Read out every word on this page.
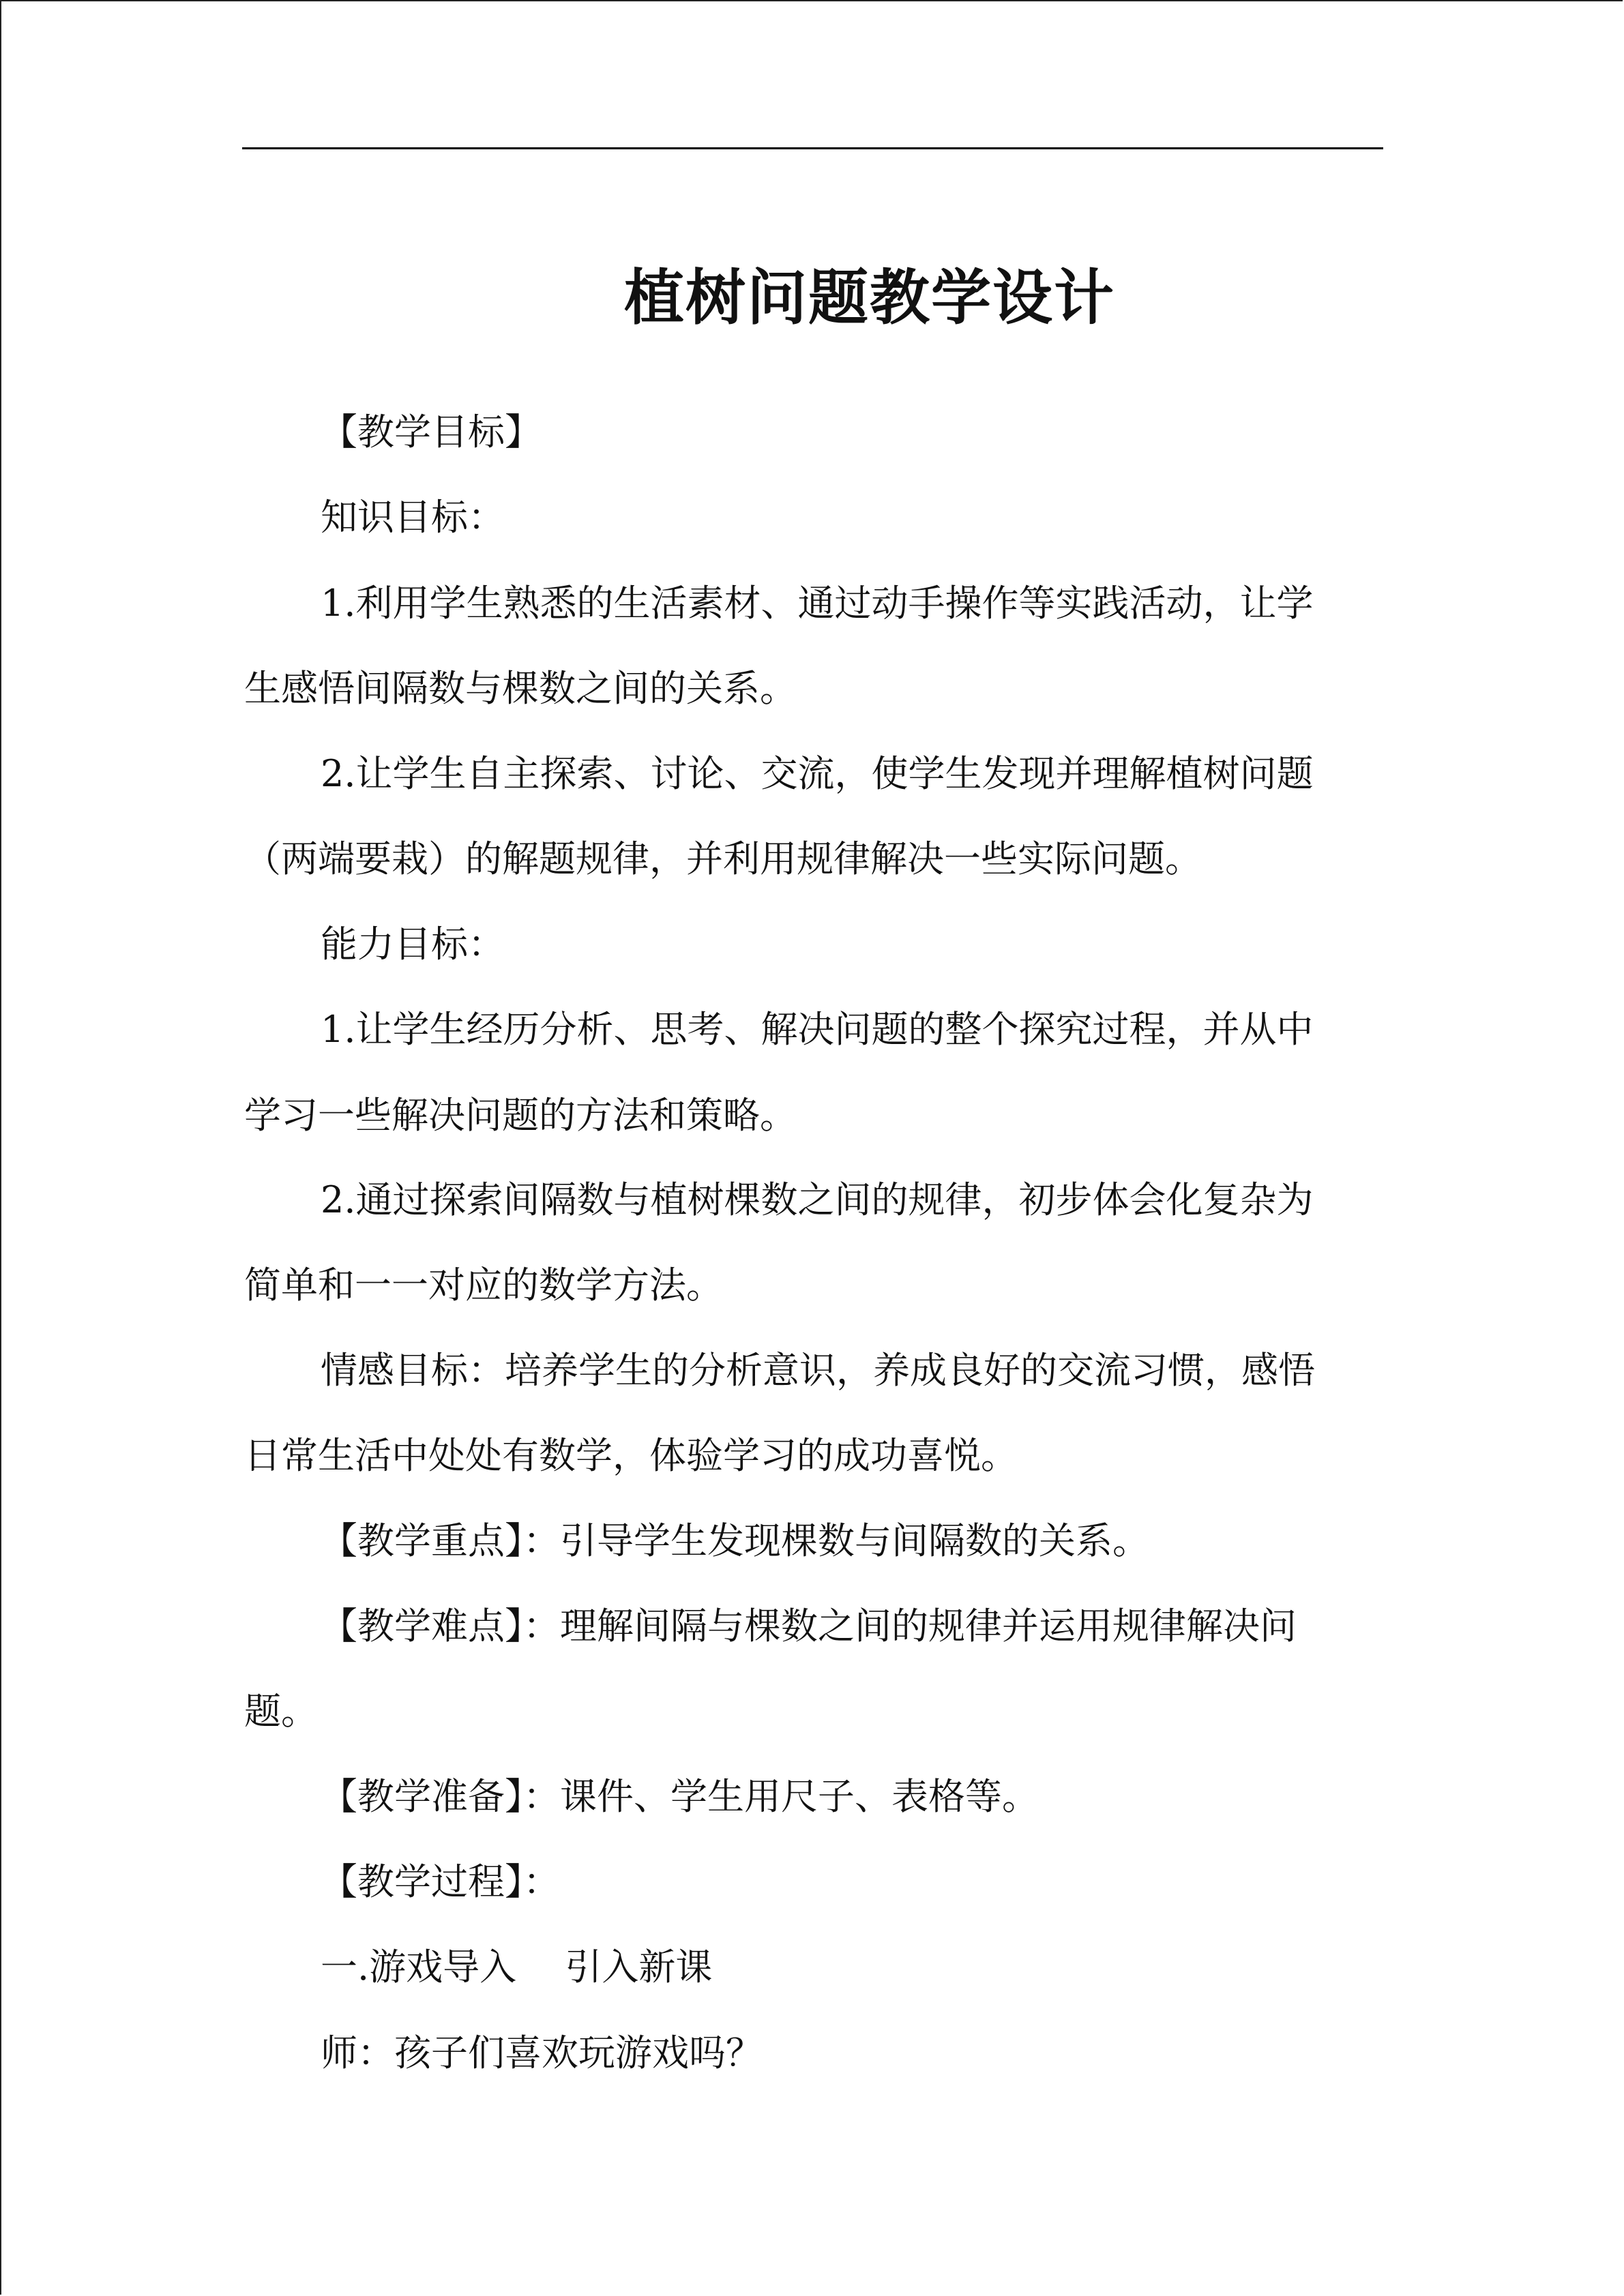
植树问题教学设计
【教学目标】
知识目标：
1.利用学生熟悉的生活素材、通过动手操作等实践活动，让学
生感悟间隔数与棵数之间的关系。
2.让学生自主探索、讨论、交流，使学生发现并理解植树问题
（两端要栽）的解题规律，并利用规律解决一些实际问题。
能力目标：
1.让学生经历分析、思考、解决问题的整个探究过程，并从中
学习一些解决问题的方法和策略。
2.通过探索间隔数与植树棵数之间的规律，初步体会化复杂为
简单和一一对应的数学方法。
情感目标：培养学生的分析意识，养成良好的交流习惯，感悟
日常生活中处处有数学，体验学习的成功喜悦。
【教学重点】：引导学生发现棵数与间隔数的关系。
【教学难点】：理解间隔与棵数之间的规律并运用规律解决问
题。
【教学准备】：课件、学生用尺子、表格等。
【教学过程】：
一.游戏导入　 引入新课
师：孩子们喜欢玩游戏吗？
